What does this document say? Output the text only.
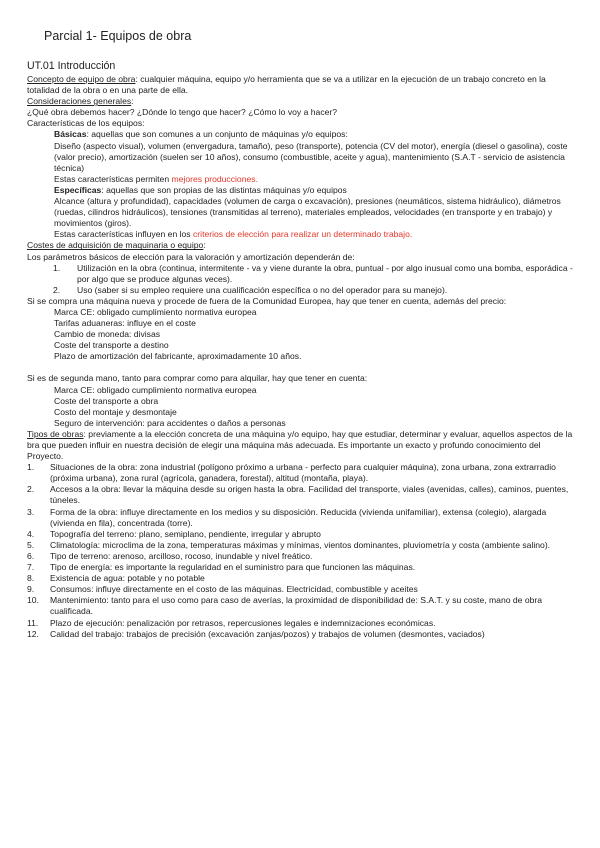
Parcial 1- Equipos de obra

UT.01 Introducción

Concepto de equipo de obra: cualquier máquina, equipo y/o herramienta que se va a utilizar en la ejecución de un trabajo concreto en la totalidad de la obra o en una parte de ella.

Consideraciones generales:

¿Qué obra debemos hacer? ¿Dónde lo tengo que hacer? ¿Cómo lo voy a hacer?

Características de los equipos:

Básicas: aquellas que son comunes a un conjunto de máquinas y/o equipos:

Diseño (aspecto visual), volumen (envergadura, tamaño), peso (transporte), potencia (CV del motor), energía (diesel o gasolina), coste (valor precio), amortización (suelen ser 10 años), consumo (combustible, aceite y agua), mantenimiento (S.A.T - servicio de asistencia técnica)

Estas características permiten mejores producciones.

Específicas: aquellas que son propias de las distintas máquinas y/o equipos

Alcance (altura y profundidad), capacidades (volumen de carga o excavación), presiones (neumáticos, sistema hidráulico), diámetros (ruedas, cilindros hidráulicos), tensiones (transmitidas al terreno), materiales empleados, velocidades (en transporte y en trabajo) y movimientos (giros).

Estas características influyen en los criterios de elección para realizar un determinado trabajo.

Costes de adquisición de maquinaria o equipo:

Los parámetros básicos de elección para la valoración y amortización dependerán de:

1. Utilización en la obra (continua, intermitente - va y viene durante la obra, puntual - por algo inusual como una bomba, esporádica - por algo que se produce algunas veces).
2. Uso (saber si su empleo requiere una cualificación específica o no del operador para su manejo).

Si se compra una máquina nueva y procede de fuera de la Comunidad Europea, hay que tener en cuenta, además del precio:

Marca CE: obligado cumplimiento normativa europea

Tarifas aduaneras: influye en el coste

Cambio de moneda: divisas

Coste del transporte a destino

Plazo de amortización del fabricante, aproximadamente 10 años.

Si es de segunda mano, tanto para comprar como para alquilar, hay que tener en cuenta:

Marca CE: obligado cumplimiento normativa europea

Coste del transporte a obra

Costo del montaje y desmontaje

Seguro de intervención: para accidentes o daños a personas

Tipos de obras: previamente a la elección concreta de una máquina y/o equipo, hay que estudiar, determinar y evaluar, aquellos aspectos de la bra que pueden influir en nuestra decisión de elegir una máquina más adecuada. Es importante un exacto y profundo conocimiento del Proyecto.

1. Situaciones de la obra: zona industrial (polígono próximo a urbana - perfecto para cualquier máquina), zona urbana, zona extrarradio (próxima urbana), zona rural (agrícola, ganadera, forestal), altitud (montaña, playa).
2. Accesos a la obra: llevar la máquina desde su origen hasta la obra. Facilidad del transporte, viales (avenidas, calles), caminos, puentes, túneles.
3. Forma de la obra: influye directamente en los medios y su disposición. Reducida (vivienda unifamiliar), extensa (colegio), alargada (vivienda en fila), concentrada (torre).
4. Topografía del terreno: plano, semiplano, pendiente, irregular y abrupto
5. Climatología: microclima de la zona, temperaturas máximas y mínimas, vientos dominantes, pluviometría y costa (ambiente salino).
6. Tipo de terreno: arenoso, arcilloso, rocoso, inundable y nivel freático.
7. Tipo de energía: es importante la regularidad en el suministro para que funcionen las máquinas.
8. Existencia de agua: potable y no potable
9. Consumos: influye directamente en el costo de las máquinas. Electricidad, combustible y aceites
10. Mantenimiento: tanto para el uso como para caso de averías, la proximidad de disponibilidad de: S.A.T. y su coste, mano de obra cualificada.
11. Plazo de ejecución: penalización por retrasos, repercusiones legales e indemnizaciones económicas.
12. Calidad del trabajo: trabajos de precisión (excavación zanjas/pozos) y trabajos de volumen (desmontes, vaciados)
